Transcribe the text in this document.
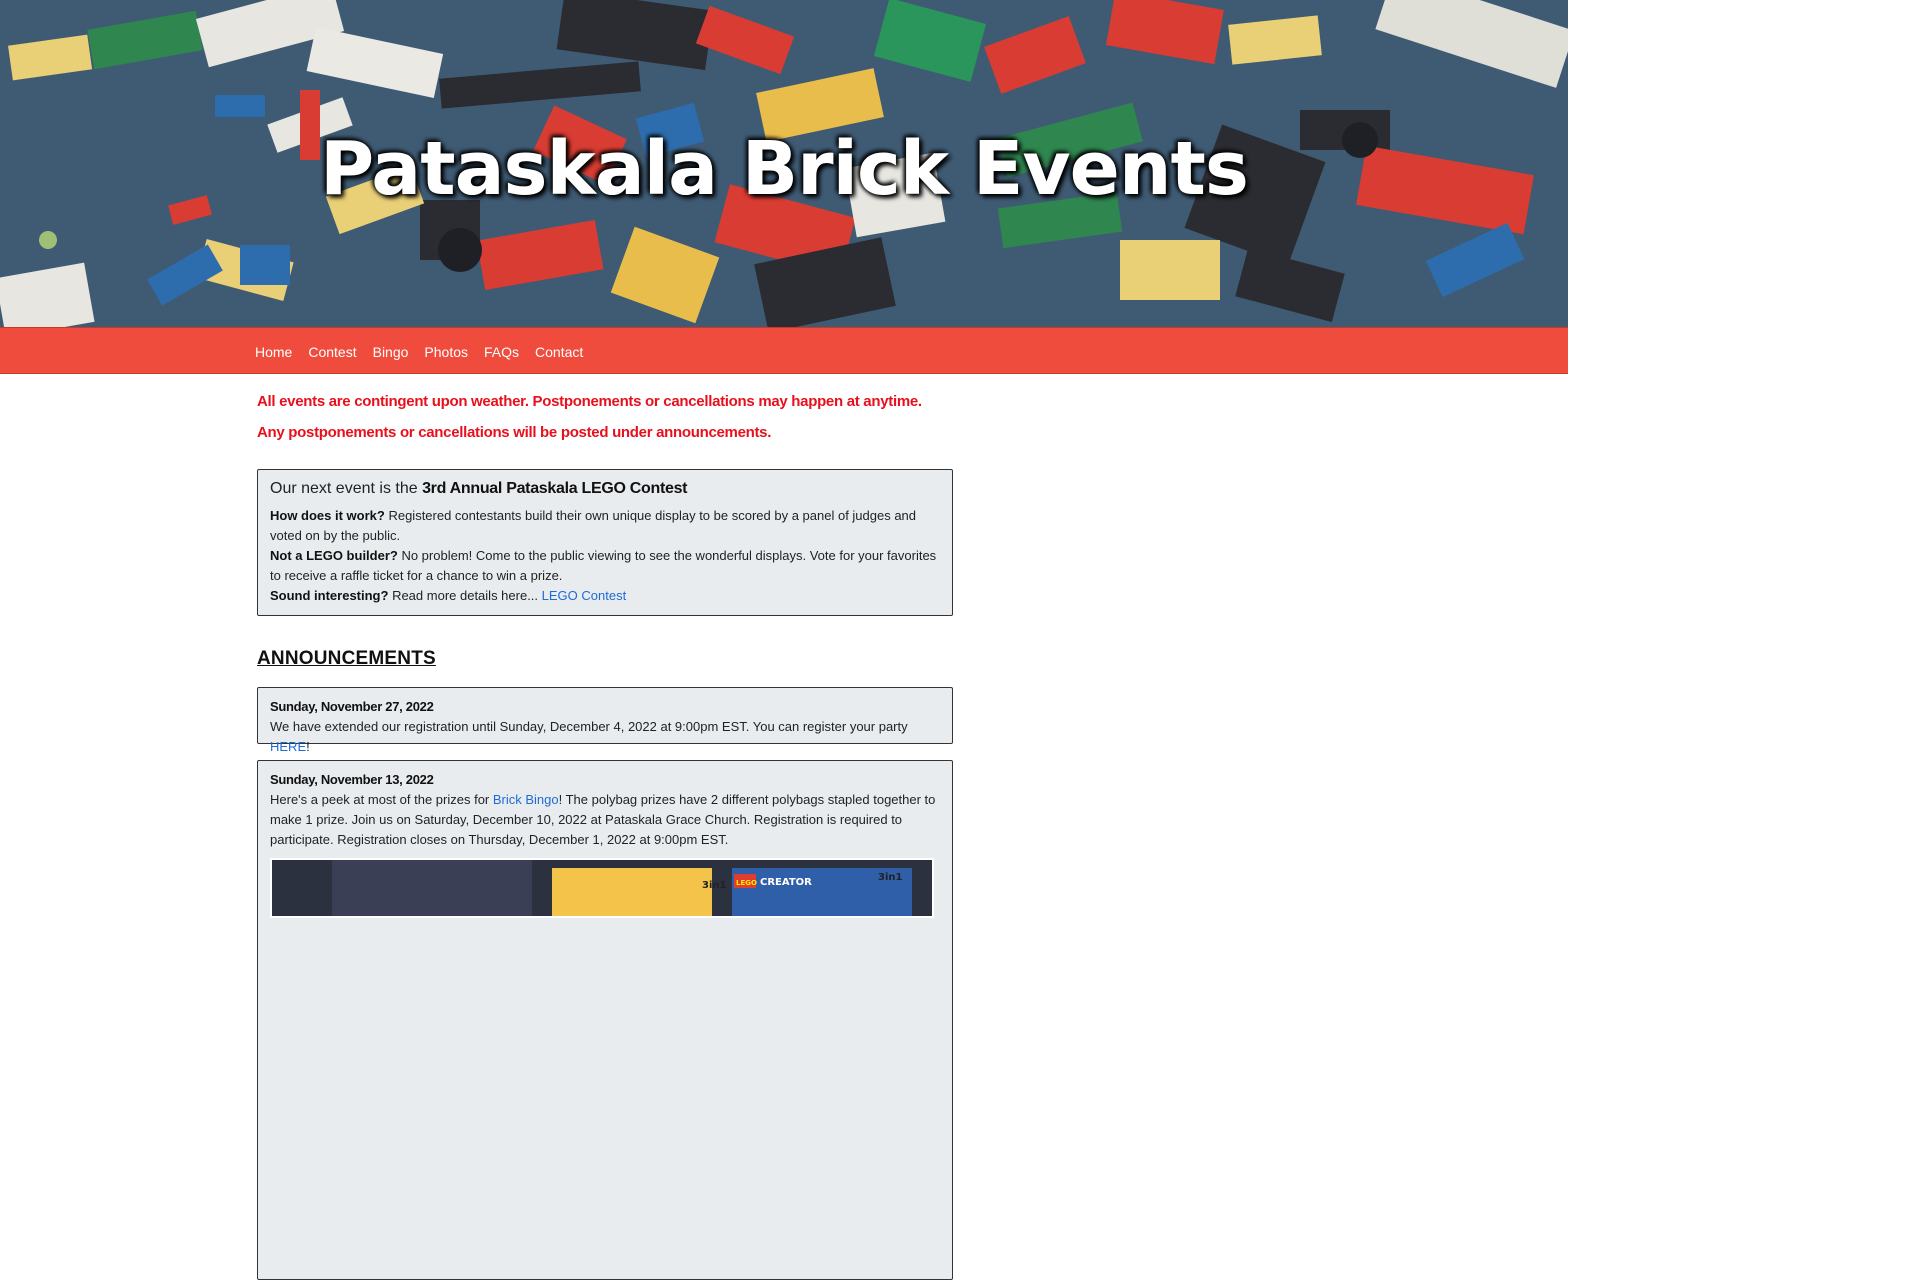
Pataskala Brick Events
Home Contest Bingo Photos FAQs Contact

All events are contingent upon weather. Postponements or cancellations may happen at anytime.

Any postponements or cancellations will be posted under announcements.

Our next event is the 3rd Annual Pataskala LEGO Contest
How does it work? Registered contestants build their own unique display to be scored by a panel of judges and voted on by the public.
Not a LEGO builder? No problem! Come to the public viewing to see the wonderful displays. Vote for your favorites to receive a raffle ticket for a chance to win a prize.
Sound interesting? Read more details here... LEGO Contest
ANNOUNCEMENTS
Sunday, November 27, 2022
We have extended our registration until Sunday, December 4, 2022 at 9:00pm EST. You can register your party HERE!
Sunday, November 13, 2022
Here's a peek at most of the prizes for Brick Bingo! The polybag prizes have 2 different polybags stapled together to make 1 prize. Join us on Saturday, December 10, 2022 at Pataskala Grace Church. Registration is required to participate. Registration closes on Thursday, December 1, 2022 at 9:00pm EST.
3in1 LEGO CREATOR	3in1
